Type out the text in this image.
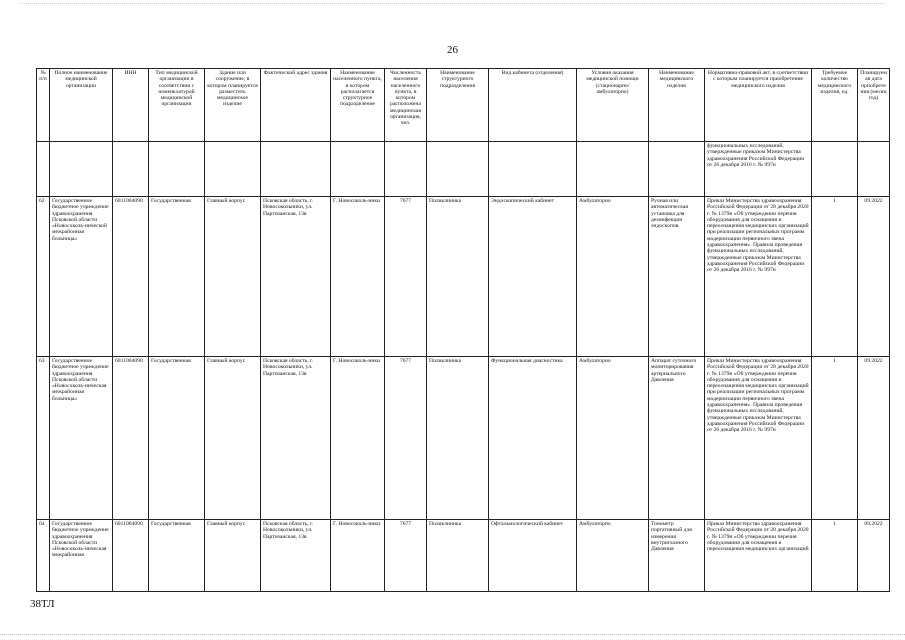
26
№ п/п	Полное наименование медицинской организации	ИНН	Тип медицинской организации в соответствии с номенклатурой медицинской организации	Здание или сооружение, в котором планируется разместить медицинское изделие	Фактический адрес здания	Наименование населенного пункта, в котором располагается структурное подразделение	Численность населения населенного пункта, в котором расположена медицинская организация, чел.	Наименование структурного подразделения	Вид кабинета (отделения)	Условия оказания медицинской помощи (стационарно/ амбулаторно)	Наименование медицинского изделия	Нормативно-правовой акт, в соответствии с которым планируется приобретение медицинского изделия	Требуемое количество медицинского изделия, ед.	Планируемая дата приобретения (месяц год)
												функциональных исследований, утвержденные приказом Министерства здравоохранения Российской Федерации от 26 декабря 2016 г. № 997н		
62	Государственное бюджетное учреждение здравоохранения Псковской области «Новосоколь-нической межрайонная больница»	6011004090	Государственная	Главный корпус	Псковская область, г. Новосокольники, ул. Партизанская, 13в	Г. Новосоколь-ники	7677	Поликлиника	Эндоскопический кабинет	Амбулаторно	Ручная или автоматическая установка для дезинфекции эндоскопов	Приказ Министерства здравоохранения Российской Федерации от 28 декабря 2020 г. № 1379н «Об утверждении перечня оборудования для оснащения и переоснащения медицинских организаций при реализации региональных программ модернизации первичного звена здравоохранения». Правила проведения функциональных исследований, утвержденные приказом Министерства здравоохранения Российской Федерации от 26 декабря 2016 г. № 997н	1	09.2022
63	Государственное бюджетное учреждение здравоохранения Псковской области «Новосоколь-ническая межрайонная больница»	6011004090	Государственная	Главный корпус	Псковская область, г. Новосокольники, ул. Партизанская, 13в	Г. Новосоколь-ники	7677	Поликлиника	Функциональная диагностика	Амбулаторно	Аппарат суточного мониторирования артериального Давления	Приказ Министерства здравоохранения Российской Федерации от 28 декабря 2020 г. № 1379н «Об утверждении перечня оборудования для оснащения и переоснащения медицинских организаций при реализации региональных программ модернизации первичного звена здравоохранения». Правила проведения функциональных исследований, утвержденные приказом Министерства здравоохранения Российской Федерации от 26 декабря 2016 г. № 997н	1	09.2022
64	Государственное бюджетное учреждение здравоохранения Псковской области «Новосоколь-ническая межрайонная	6011004090	Государственная	Главный корпус	Псковская область, г. Новосокольники, ул. Партизанская, 13в	Г. Новосоколь-ники	7677	Поликлиника	Офтальмологический кабинет	Амбулаторно	Тонометр портативный для измерения внутриглазного Давления	Приказ Министерства здравоохранения Российской Федерации от 28 декабря 2020 г. № 1379н «Об утверждении перечня оборудования для оснащения и переоснащения медицинских организаций	1	09.2022
38ТЛ
